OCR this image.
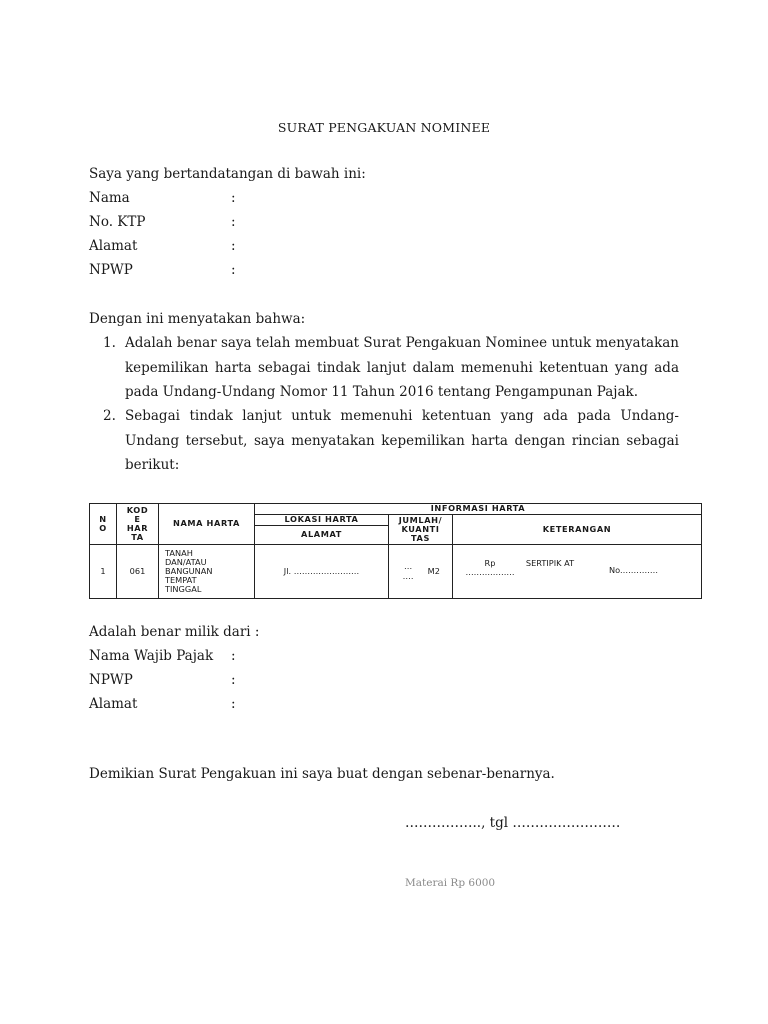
SURAT PENGAKUAN NOMINEE
Saya yang bertandatangan di bawah ini:
Nama	:
No. KTP	:
Alamat	:
NPWP	:
Dengan ini menyatakan bahwa:
1. Adalah benar saya telah membuat Surat Pengakuan Nominee untuk menyatakan kepemilikan harta sebagai tindak lanjut dalam memenuhi ketentuan yang ada pada Undang-Undang Nomor 11 Tahun 2016 tentang Pengampunan Pajak.
2. Sebagai tindak lanjut untuk memenuhi ketentuan yang ada pada Undang-Undang tersebut, saya menyatakan kepemilikan harta dengan rincian sebagai berikut:
N O	KOD E HAR TA	NAMA HARTA	INFORMASI HARTA		
			LOKASI HARTA	JUMLAH/ KUANTI TAS	KETERANGAN
			ALAMAT		
1	061	TANAH DAN/ATAU BANGUNAN TEMPAT TINGGAL	Jl. ……………………	… …. M2	Rp ………………
SERTIPIK AT
No.………….
Adalah benar milik dari :
Nama Wajib Pajak :
NPWP	:
Alamat	:
Demikian Surat Pengakuan ini saya buat dengan sebenar-benarnya.
…………….., tgl ……………………
Materai Rp 6000
